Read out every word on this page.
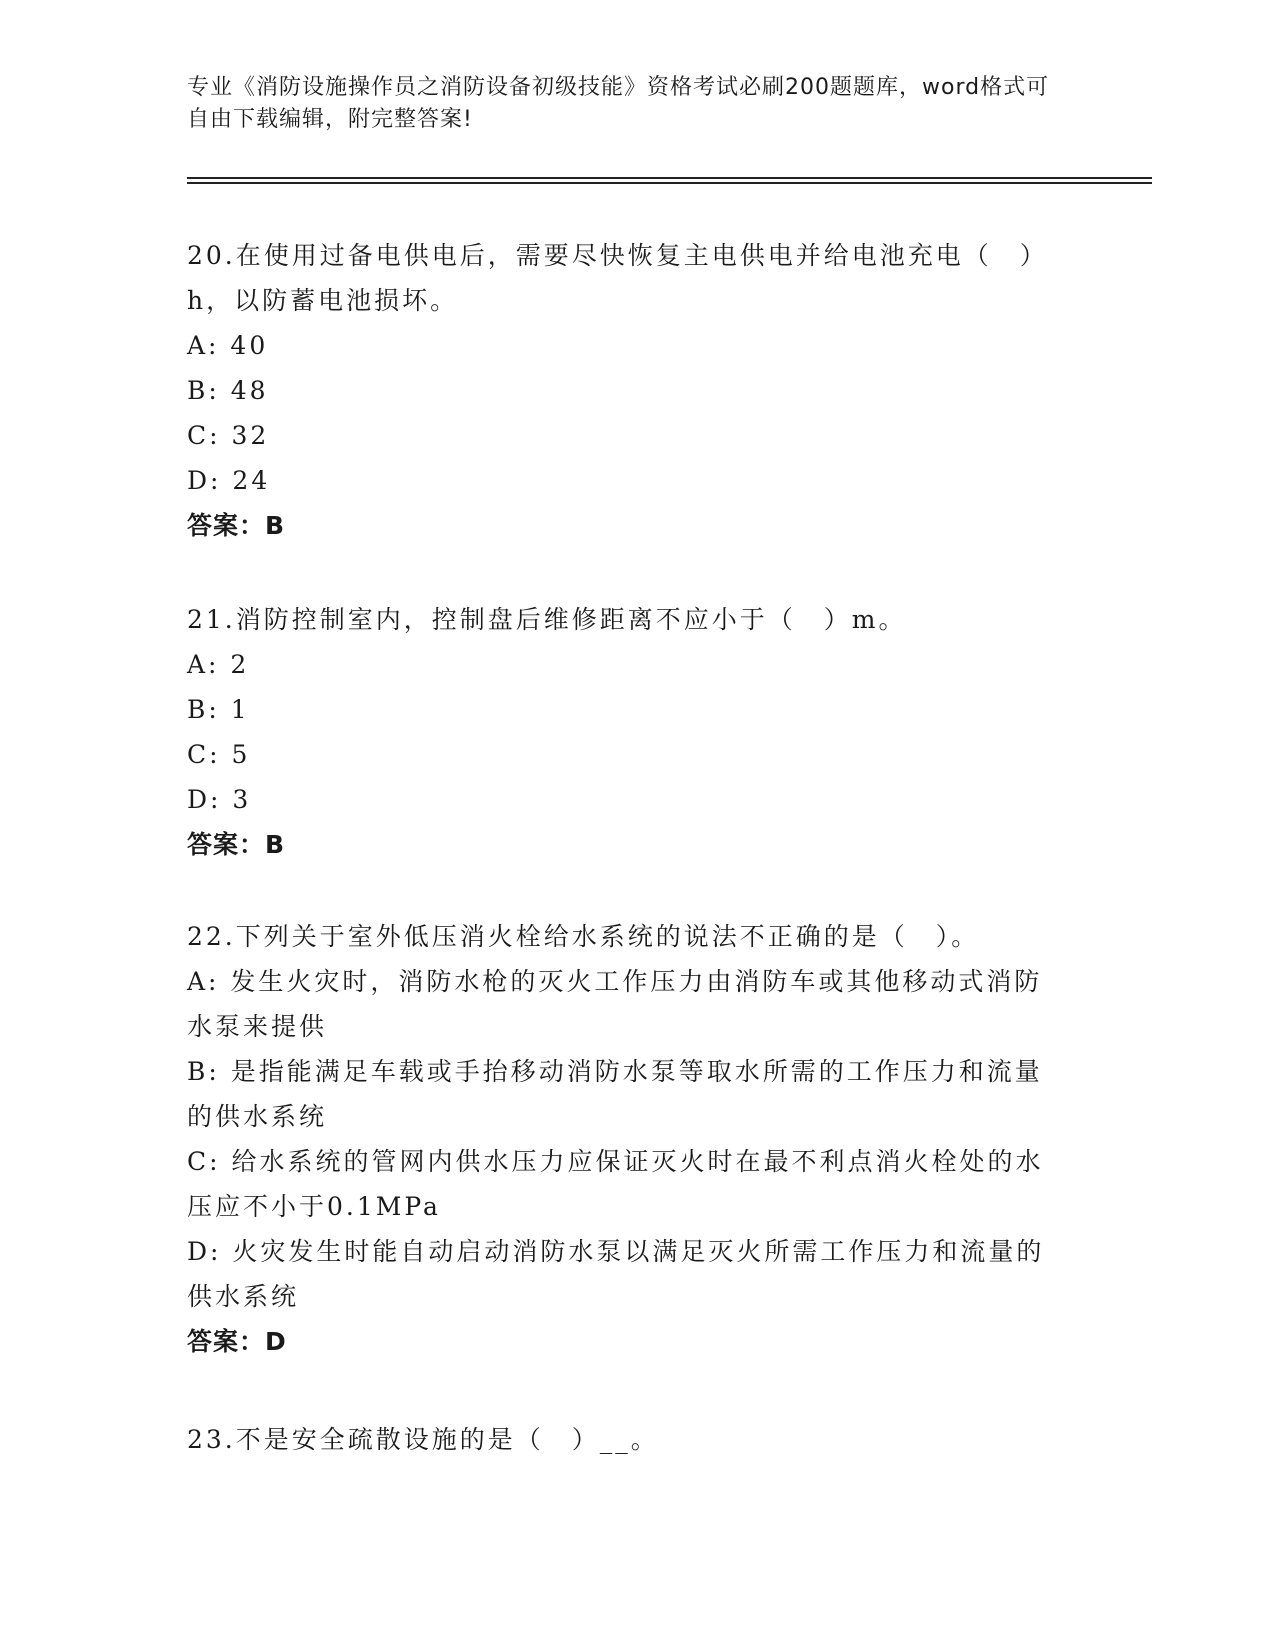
专业《消防设施操作员之消防设备初级技能》资格考试必刷200题题库，word格式可自由下载编辑，附完整答案!

20.在使用过备电供电后，需要尽快恢复主电供电并给电池充电（　）h，以防蓄电池损坏。

A: 40

B: 48

C: 32

D: 24

答案：B

21.消防控制室内，控制盘后维修距离不应小于（　）m。

A: 2

B: 1

C: 5

D: 3

答案：B

22.下列关于室外低压消火栓给水系统的说法不正确的是（　）。

A: 发生火灾时，消防水枪的灭火工作压力由消防车或其他移动式消防水泵来提供

B: 是指能满足车载或手抬移动消防水泵等取水所需的工作压力和流量的供水系统

C: 给水系统的管网内供水压力应保证灭火时在最不利点消火栓处的水压应不小于0.1MPa

D: 火灾发生时能自动启动消防水泵以满足灭火所需工作压力和流量的供水系统

答案：D

23.不是安全疏散设施的是（　）__。
